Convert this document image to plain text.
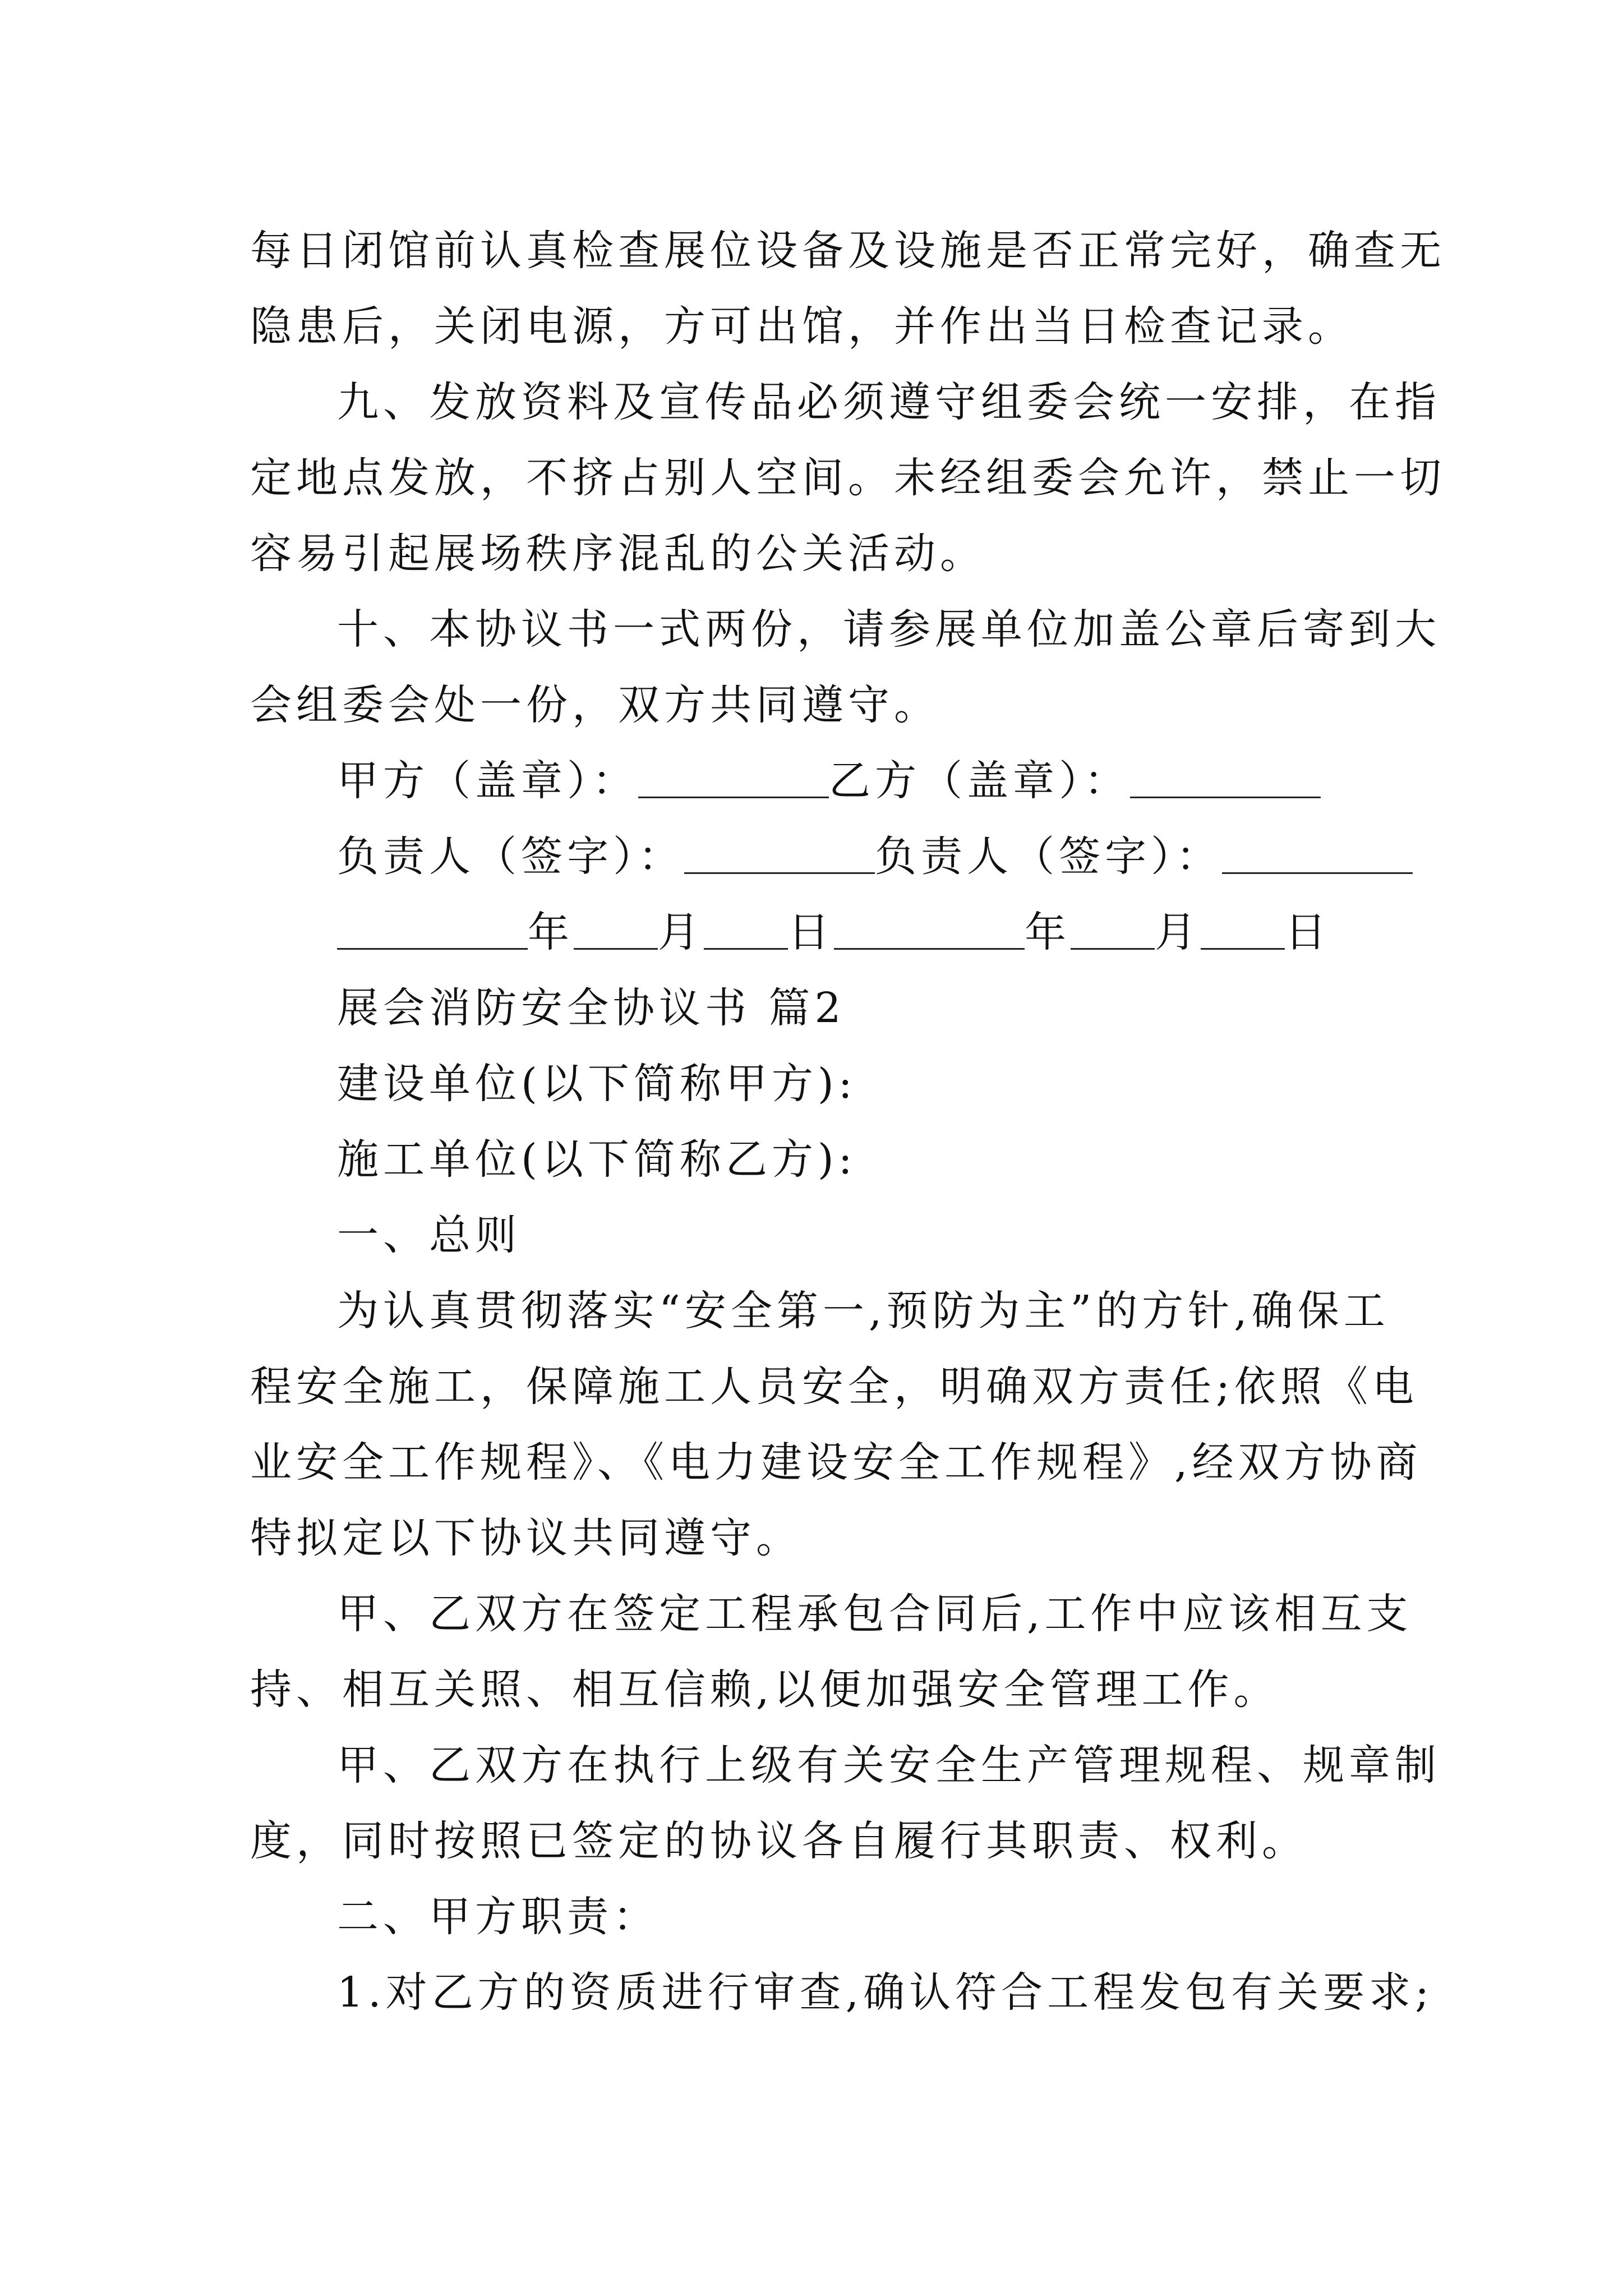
每日闭馆前认真检查展位设备及设施是否正常完好，确查无
隐患后，关闭电源，方可出馆，并作出当日检查记录。
九、发放资料及宣传品必须遵守组委会统一安排，在指
定地点发放，不挤占别人空间。未经组委会允许，禁止一切
容易引起展场秩序混乱的公关活动。
十、本协议书一式两份，请参展单位加盖公章后寄到大
会组委会处一份，双方共同遵守。
甲方（盖章）：	乙方（盖章）：
负责人（签字）：	负责人（签字）：
年 月 日	年 月 日
展会消防安全协议书 篇2
建设单位(以下简称甲方):
施工单位(以下简称乙方):
一、总则
为认真贯彻落实“安全第一,预防为主”的方针,确保工
程安全施工，保障施工人员安全，明确双方责任;依照《电
业安全工作规程》、《电力建设安全工作规程》,经双方协商
特拟定以下协议共同遵守。
甲、乙双方在签定工程承包合同后,工作中应该相互支
持、相互关照、相互信赖,以便加强安全管理工作。
甲、乙双方在执行上级有关安全生产管理规程、规章制
度，同时按照已签定的协议各自履行其职责、权利。
二、甲方职责：
1.对乙方的资质进行审查,确认符合工程发包有关要求;
